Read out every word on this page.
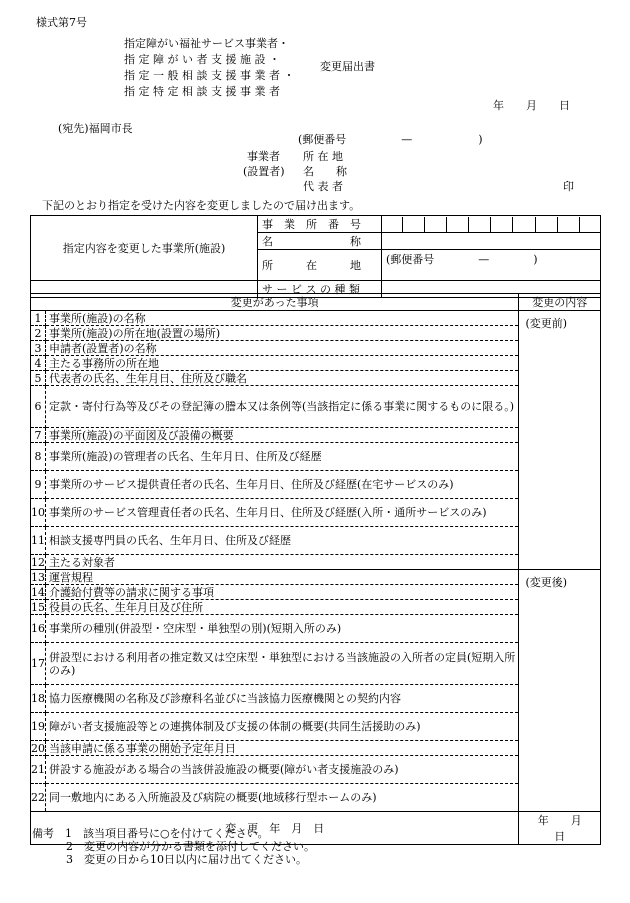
様式第7号
指定障がい福祉サービス事業者・
指 定 障 が い 者 支 援 施 設 ・
指 定 一 般 相 談 支 援 事 業 者 ・
指 定 特 定 相 談 支 援 事 業 者
変更届出書
年　　月　　日
(宛先)福岡市長
(郵便番号　　　　　—　　　　　　)
事業者
(設置者)
所 在 地
名　　称
代 表 者	印
下記のとおり指定を受けた内容を変更しましたので届け出ます。
指定内容を変更した事業所(施設)	事　業　所　番　号	

名　　　　　　　称	
所　　　在　　　地	(郵便番号　　　　—　　　　)
	サ ー ビ ス の 種 類	
変更があった事項		変更の内容
1	事業所(施設)の名称	(変更前)
2	事業所(施設)の所在地(設置の場所)	
3	申請者(設置者)の名称	
4	主たる事務所の所在地	
5	代表者の氏名、生年月日、住所及び職名	
6	定款・寄付行為等及びその登記簿の謄本又は条例等(当該指定に係る事業に関するものに限る。)	
7	事業所(施設)の平面図及び設備の概要	
8	事業所(施設)の管理者の氏名、生年月日、住所及び経歴	
9	事業所のサービス提供責任者の氏名、生年月日、住所及び経歴(在宅サービスのみ)	
10	事業所のサービス管理責任者の氏名、生年月日、住所及び経歴(入所・通所サービスのみ)	
11	相談支援専門員の氏名、生年月日、住所及び経歴	
12	主たる対象者	
13	運営規程	(変更後)
14	介護給付費等の請求に関する事項	
15	役員の氏名、生年月日及び住所	
16	事業所の種別(併設型・空床型・単独型の別)(短期入所のみ)	
17	併設型における利用者の推定数又は空床型・単独型における当該施設の入所者の定員(短期入所のみ)	
18	協力医療機関の名称及び診療科名並びに当該協力医療機関との契約内容	
19	障がい者支援施設等との連携体制及び支援の体制の概要(共同生活援助のみ)	
20	当該申請に係る事業の開始予定年月日	
21	併設する施設がある場合の当該併設施設の概要(障がい者支援施設のみ)	
22	同一敷地内にある入所施設及び病院の概要(地域移行型ホームのみ)	
変　更　年　月　日		年　　月　　日
備考　 1　該当項目番号に○を付けてください。
2　変更の内容が分かる書類を添付してください。
3　変更の日から10日以内に届け出てください。
